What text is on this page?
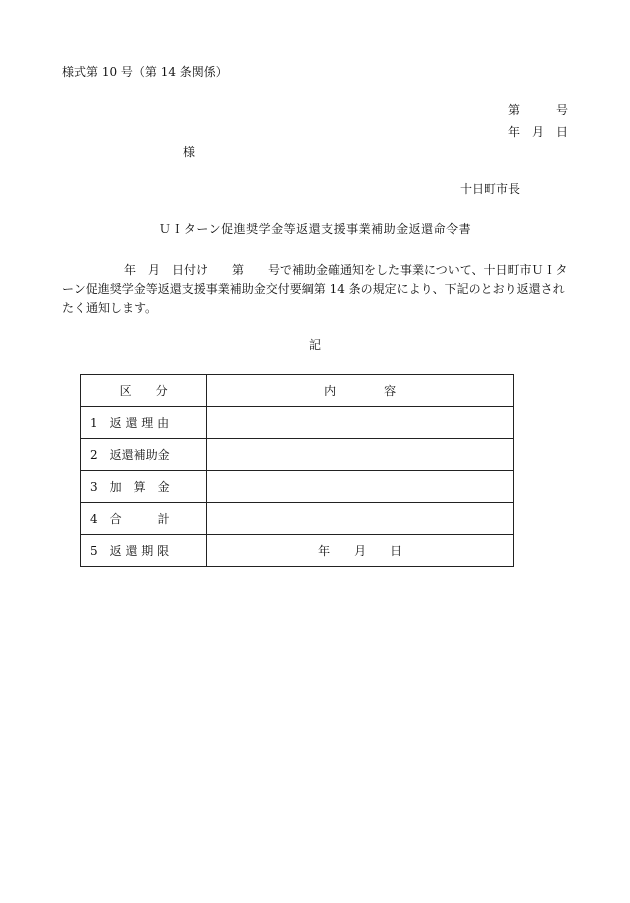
様式第 10 号（第 14 条関係）
第　　　号
年　月　日
様
十日町市長
ＵＩターン促進奨学金等返還支援事業補助金返還命令書
年　月　日付け　　第　　号で補助金確通知をした事業について、十日町市ＵＩターン促進奨学金等返還支援事業補助金交付要綱第 14 条の規定により、下記のとおり返還されたく通知します。
記
区　　分	内　　　　容
1　返 還 理 由	
2　返還補助金	
3　加　算　金	
4　合　　　計	
5　返 還 期 限	年　　月　　日
